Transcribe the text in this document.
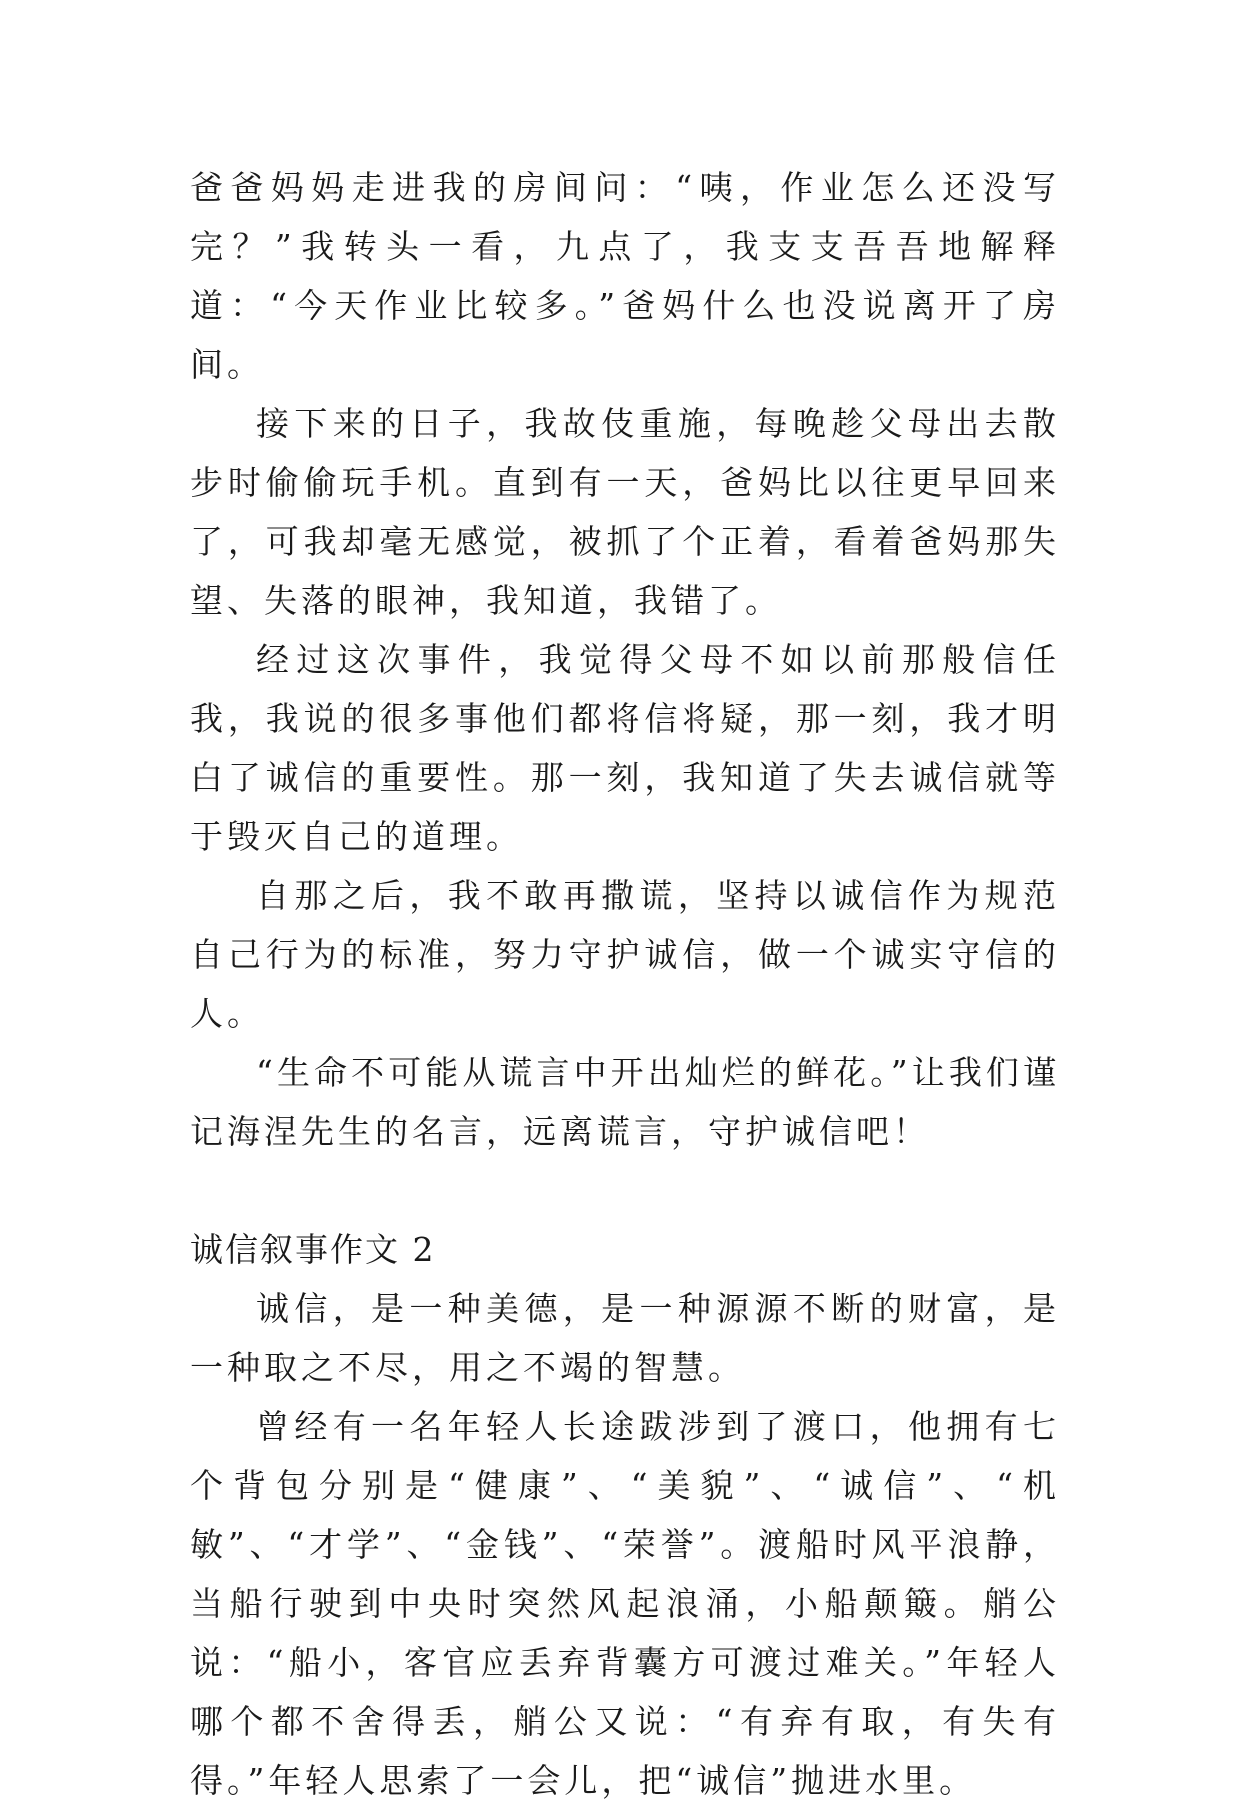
爸爸妈妈走进我的房间问：“咦，作业怎么还没写完？”我转头一看，九点了，我支支吾吾地解释道：“今天作业比较多。”爸妈什么也没说离开了房间。

接下来的日子，我故伎重施，每晚趁父母出去散步时偷偷玩手机。直到有一天，爸妈比以往更早回来了，可我却毫无感觉，被抓了个正着，看着爸妈那失望、失落的眼神，我知道，我错了。

经过这次事件，我觉得父母不如以前那般信任我，我说的很多事他们都将信将疑，那一刻，我才明白了诚信的重要性。那一刻，我知道了失去诚信就等于毁灭自己的道理。

自那之后，我不敢再撒谎，坚持以诚信作为规范自己行为的标准，努力守护诚信，做一个诚实守信的人。

“生命不可能从谎言中开出灿烂的鲜花。”让我们谨记海涅先生的名言，远离谎言，守护诚信吧！

诚信叙事作文 2

诚信，是一种美德，是一种源源不断的财富，是一种取之不尽，用之不竭的智慧。

曾经有一名年轻人长途跋涉到了渡口，他拥有七个背包分别是“健康”、“美貌”、“诚信”、“机敏”、“才学”、“金钱”、“荣誉”。渡船时风平浪静，当船行驶到中央时突然风起浪涌，小船颠簸。艄公说：“船小，客官应丢弃背囊方可渡过难关。”年轻人哪个都不舍得丢，艄公又说：“有弃有取，有失有得。”年轻人思索了一会儿，把“诚信”抛进水里。
